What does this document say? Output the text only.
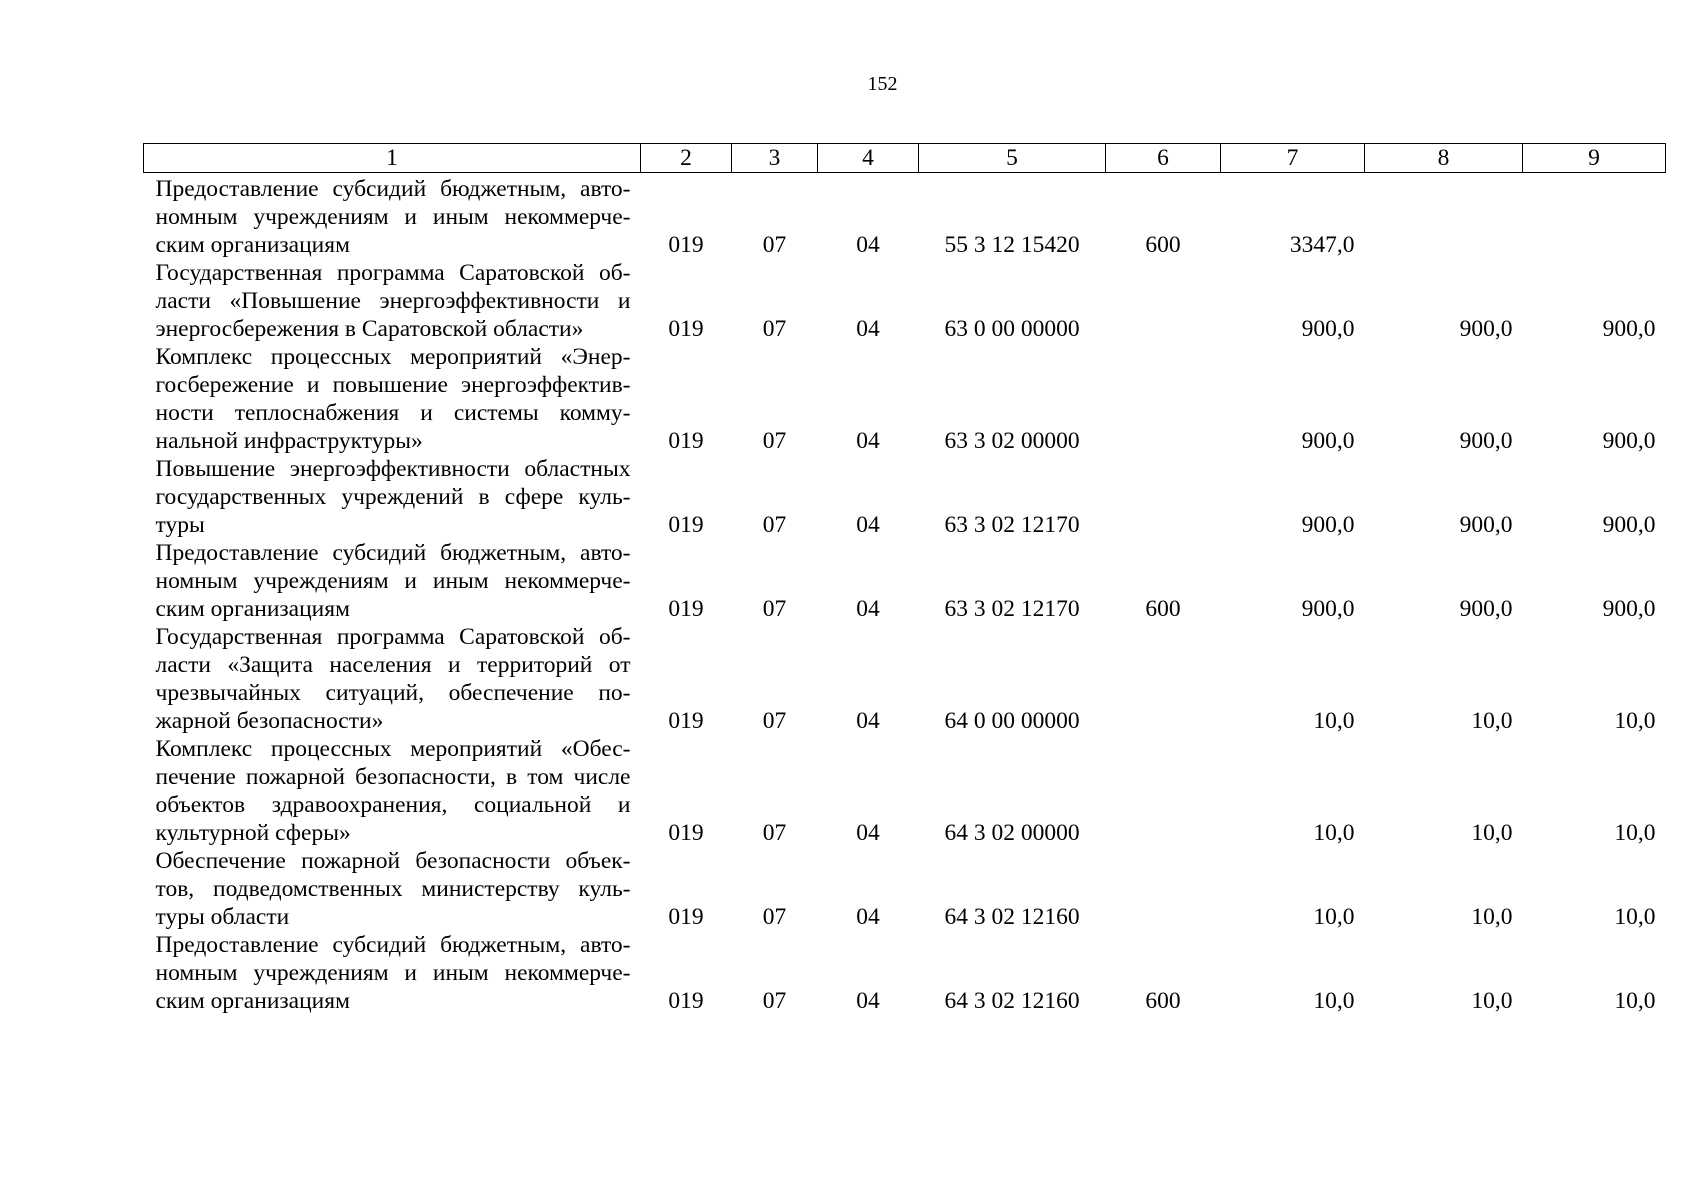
152
1	2	3	4	5	6	7	8	9
Предоставление субсидий бюджетным, авто-номным учреждениям и иным некоммерче-ским организациям	019	07	04	55 3 12 15420	600	3347,0		
Государственная программа Саратовской об-ласти «Повышение энергоэффективности и энергосбережения в Саратовской области»	019	07	04	63 0 00 00000		900,0	900,0	900,0
Комплекс процессных мероприятий «Энер-госбережение и повышение энергоэффектив-ности теплоснабжения и системы комму-нальной инфраструктуры»	019	07	04	63 3 02 00000		900,0	900,0	900,0
Повышение энергоэффективности областных государственных учреждений в сфере куль-туры	019	07	04	63 3 02 12170		900,0	900,0	900,0
Предоставление субсидий бюджетным, авто-номным учреждениям и иным некоммерче-ским организациям	019	07	04	63 3 02 12170	600	900,0	900,0	900,0
Государственная программа Саратовской об-ласти «Защита населения и территорий от чрезвычайных ситуаций, обеспечение по-жарной безопасности»	019	07	04	64 0 00 00000		10,0	10,0	10,0
Комплекс процессных мероприятий «Обес-печение пожарной безопасности, в том числе объектов здравоохранения, социальной и культурной сферы»	019	07	04	64 3 02 00000		10,0	10,0	10,0
Обеспечение пожарной безопасности объек-тов, подведомственных министерству куль-туры области	019	07	04	64 3 02 12160		10,0	10,0	10,0
Предоставление субсидий бюджетным, авто-номным учреждениям и иным некоммерче-ским организациям	019	07	04	64 3 02 12160	600	10,0	10,0	10,0
